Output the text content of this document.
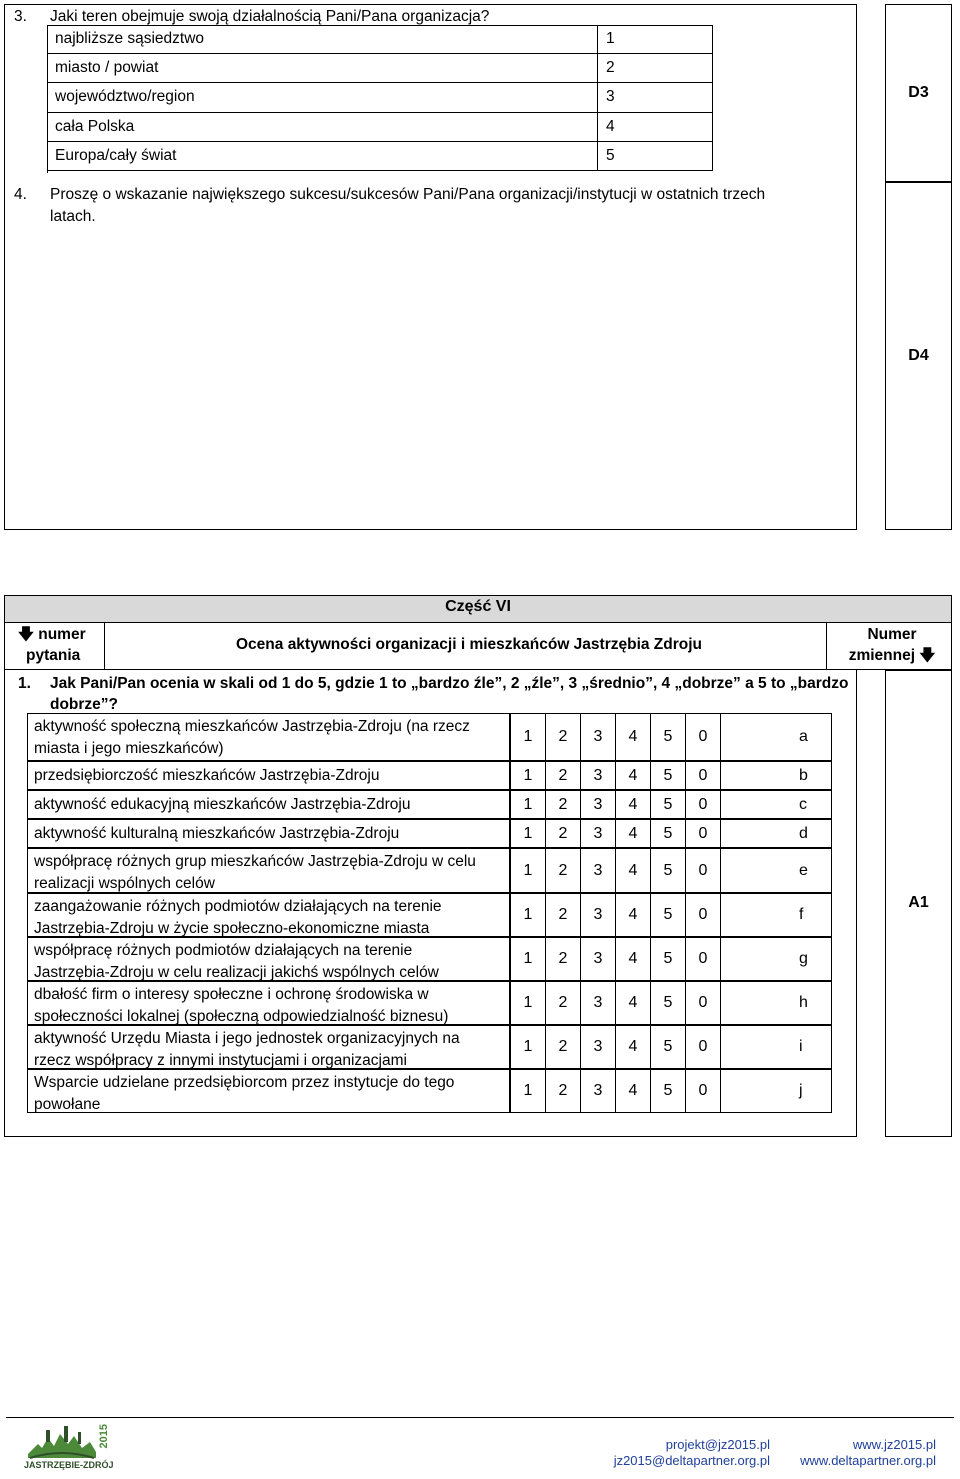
3. Jaki teren obejmuje swoją działalnością Pani/Pana organizacja?
najbliższe sąsiedztwo	1
miasto / powiat	2
województwo/region	3
cała Polska	4
Europa/cały świat	5
4. Proszę o wskazanie największego sukcesu/sukcesów Pani/Pana organizacji/instytucji w ostatnich trzech
latach.
D3
D4
Część VI
🡇 numer
pytania
Ocena aktywności organizacji i mieszkańców Jastrzębia Zdroju
Numer
zmiennej 🡇
A1
1. Jak Pani/Pan ocenia w skali od 1 do 5, gdzie 1 to „bardzo źle”, 2 „źle”, 3 „średnio”, 4 „dobrze” a 5 to „bardzo
dobrze”?
aktywność społeczną mieszkańców Jastrzębia-Zdroju (na rzecz
miasta i jego mieszkańców)
1	2	3	4	5	0	a
przedsiębiorczość mieszkańców Jastrzębia-Zdroju	1	2	3	4	5	0	b
aktywność edukacyjną mieszkańców Jastrzębia-Zdroju	1	2	3	4	5	0	c
aktywność kulturalną mieszkańców Jastrzębia-Zdroju	1	2	3	4	5	0	d
współpracę różnych grup mieszkańców Jastrzębia-Zdroju w celu
realizacji wspólnych celów
1	2	3	4	5	0	e
zaangażowanie różnych podmiotów działających na terenie
Jastrzębia-Zdroju w życie społeczno-ekonomiczne miasta
1	2	3	4	5	0	f
współpracę różnych podmiotów działających na terenie
Jastrzębia-Zdroju w celu realizacji jakichś wspólnych celów
1	2	3	4	5	0	g
dbałość firm o interesy społeczne i ochronę środowiska w
społeczności lokalnej (społeczną odpowiedzialność biznesu)
1	2	3	4	5	0	h
aktywność Urzędu Miasta i jego jednostek organizacyjnych na
rzecz współpracy z innymi instytucjami i organizacjami
1	2	3	4	5	0	i
Wsparcie udzielane przedsiębiorcom przez instytucje do tego
powołane
1	2	3	4	5	0	j
JASTRZĘBIE-ZDRÓJ
2015	projekt@jz2015.pl
jz2015@deltapartner.org.pl
www.jz2015.pl
www.deltapartner.org.pl
